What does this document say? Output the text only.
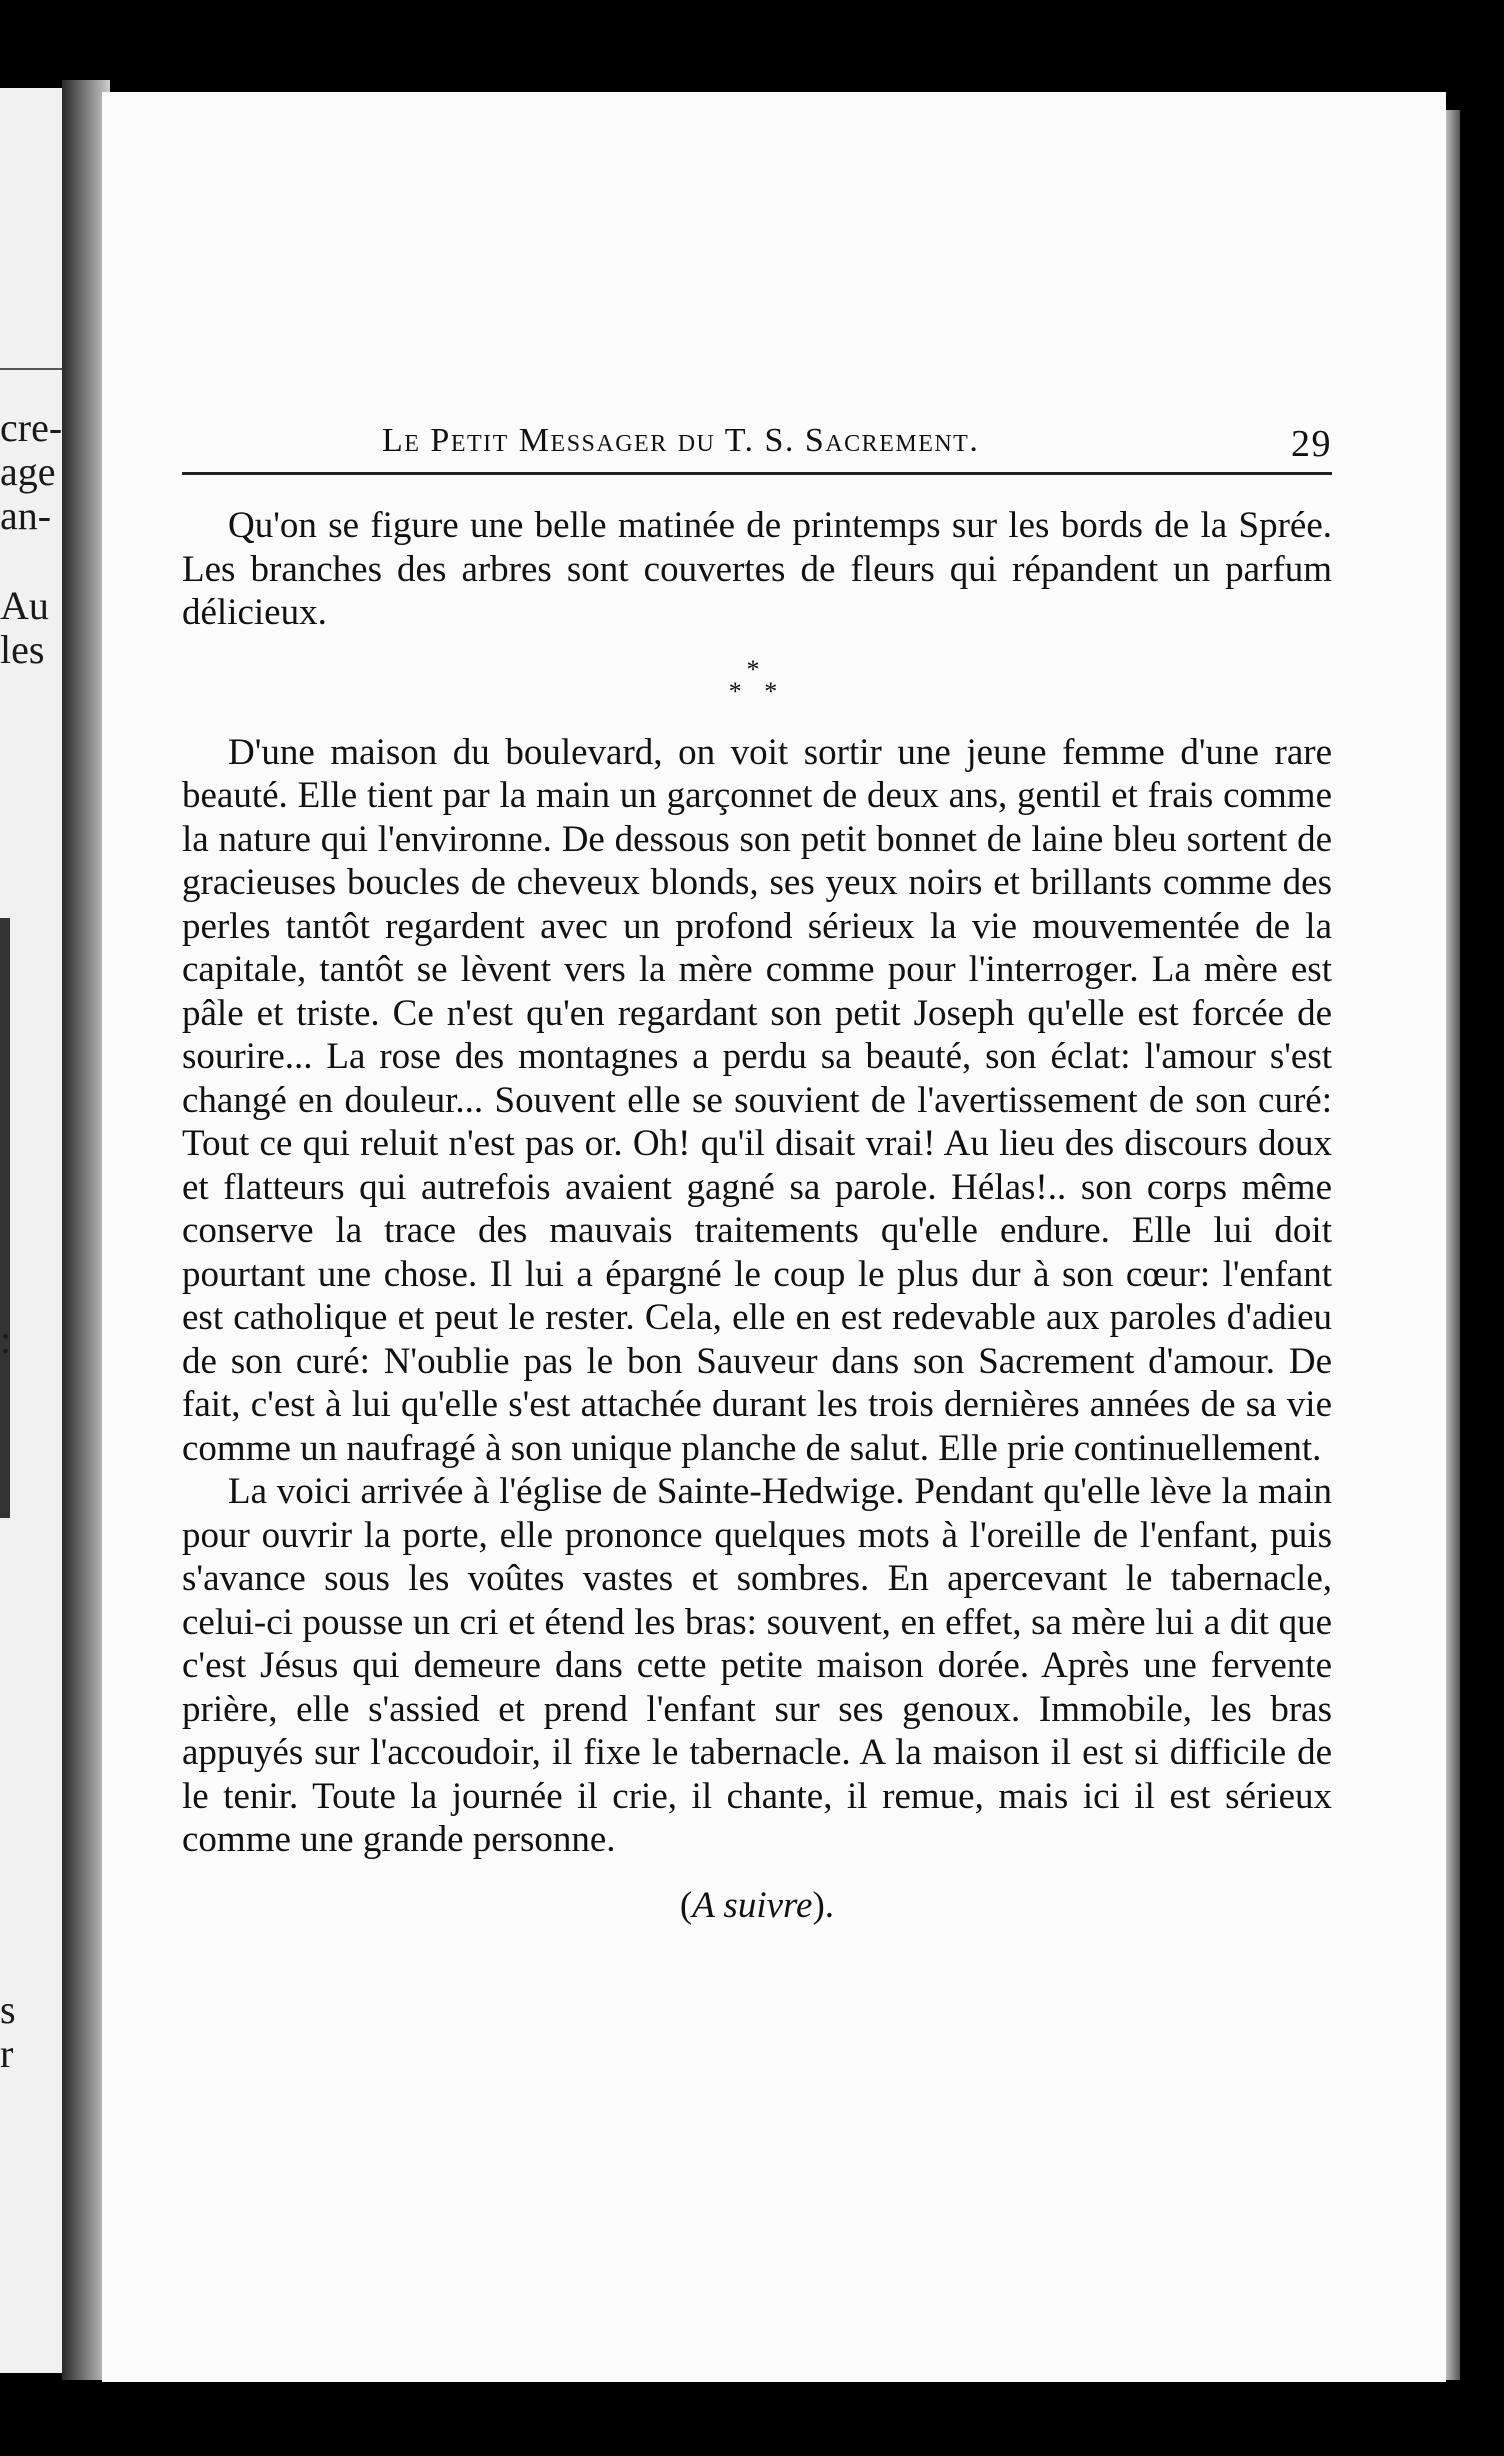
cre-
age
an-
Au
les
:
s
r
Le Petit Messager du T. S. Sacrement.	29

Qu'on se figure une belle matinée de printemps sur les bords de la Sprée. Les branches des arbres sont couvertes de fleurs qui répandent un parfum délicieux.

*
* *

D'une maison du boulevard, on voit sortir une jeune femme d'une rare beauté. Elle tient par la main un garçonnet de deux ans, gentil et frais comme la nature qui l'environne. De dessous son petit bonnet de laine bleu sortent de gracieuses boucles de cheveux blonds, ses yeux noirs et brillants comme des perles tantôt regardent avec un profond sérieux la vie mouvementée de la capitale, tantôt se lèvent vers la mère comme pour l'interroger. La mère est pâle et triste. Ce n'est qu'en regardant son petit Joseph qu'elle est forcée de sourire... La rose des montagnes a perdu sa beauté, son éclat: l'amour s'est changé en douleur... Souvent elle se souvient de l'avertissement de son curé: Tout ce qui reluit n'est pas or. Oh! qu'il disait vrai! Au lieu des discours doux et flatteurs qui autrefois avaient gagné sa parole. Hélas!.. son corps même conserve la trace des mauvais traitements qu'elle endure. Elle lui doit pourtant une chose. Il lui a épargné le coup le plus dur à son cœur: l'enfant est catholique et peut le rester. Cela, elle en est redevable aux paroles d'adieu de son curé: N'oublie pas le bon Sauveur dans son Sacrement d'amour. De fait, c'est à lui qu'elle s'est attachée durant les trois dernières années de sa vie comme un naufragé à son unique planche de salut. Elle prie continuellement.

La voici arrivée à l'église de Sainte-Hedwige. Pendant qu'elle lève la main pour ouvrir la porte, elle prononce quelques mots à l'oreille de l'enfant, puis s'avance sous les voûtes vastes et sombres. En apercevant le tabernacle, celui-ci pousse un cri et étend les bras: souvent, en effet, sa mère lui a dit que c'est Jésus qui demeure dans cette petite maison dorée. Après une fervente prière, elle s'assied et prend l'enfant sur ses genoux. Immobile, les bras appuyés sur l'accoudoir, il fixe le tabernacle. A la maison il est si difficile de le tenir. Toute la journée il crie, il chante, il remue, mais ici il est sérieux comme une grande personne.

(A suivre).
